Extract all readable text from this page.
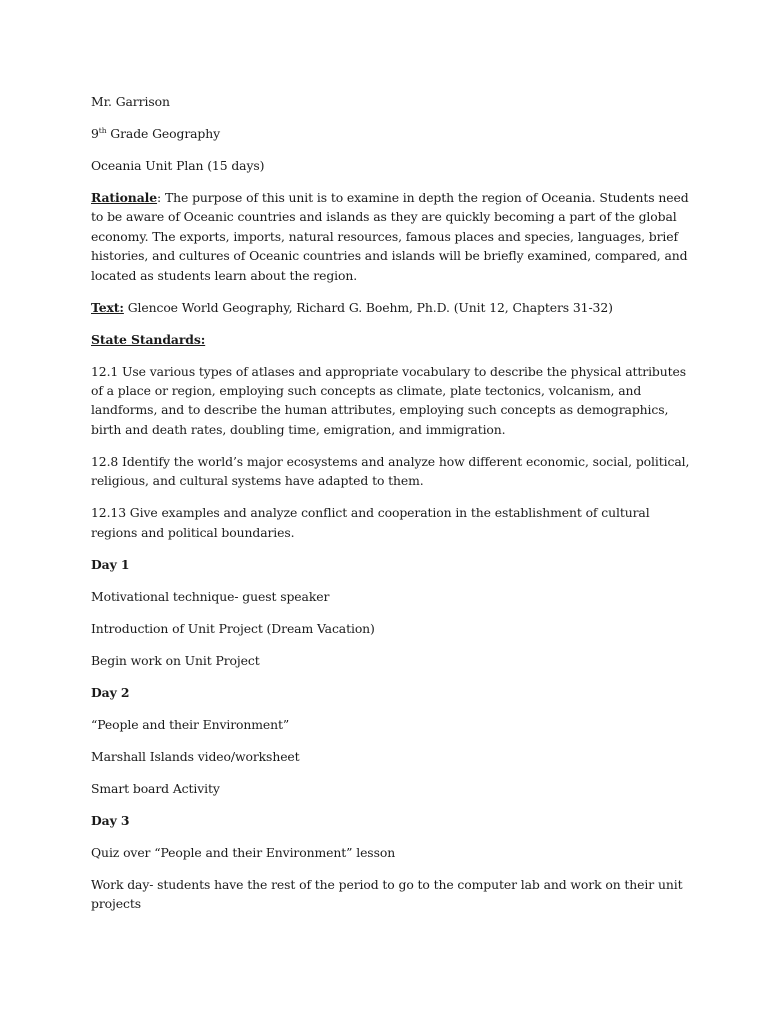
Mr. Garrison

9th Grade Geography

Oceania Unit Plan (15 days)

Rationale: The purpose of this unit is to examine in depth the region of Oceania. Students need to be aware of Oceanic countries and islands as they are quickly becoming a part of the global economy. The exports, imports, natural resources, famous places and species, languages, brief histories, and cultures of Oceanic countries and islands will be briefly examined, compared, and located as students learn about the region.

Text: Glencoe World Geography, Richard G. Boehm, Ph.D. (Unit 12, Chapters 31-32)

State Standards:

12.1 Use various types of atlases and appropriate vocabulary to describe the physical attributes of a place or region, employing such concepts as climate, plate tectonics, volcanism, and landforms, and to describe the human attributes, employing such concepts as demographics, birth and death rates, doubling time, emigration, and immigration.

12.8 Identify the world’s major ecosystems and analyze how different economic, social, political, religious, and cultural systems have adapted to them.

12.13 Give examples and analyze conflict and cooperation in the establishment of cultural regions and political boundaries.

Day 1

Motivational technique- guest speaker

Introduction of Unit Project (Dream Vacation)

Begin work on Unit Project

Day 2

“People and their Environment”

Marshall Islands video/worksheet

Smart board Activity

Day 3

Quiz over “People and their Environment” lesson

Work day- students have the rest of the period to go to the computer lab and work on their unit projects
